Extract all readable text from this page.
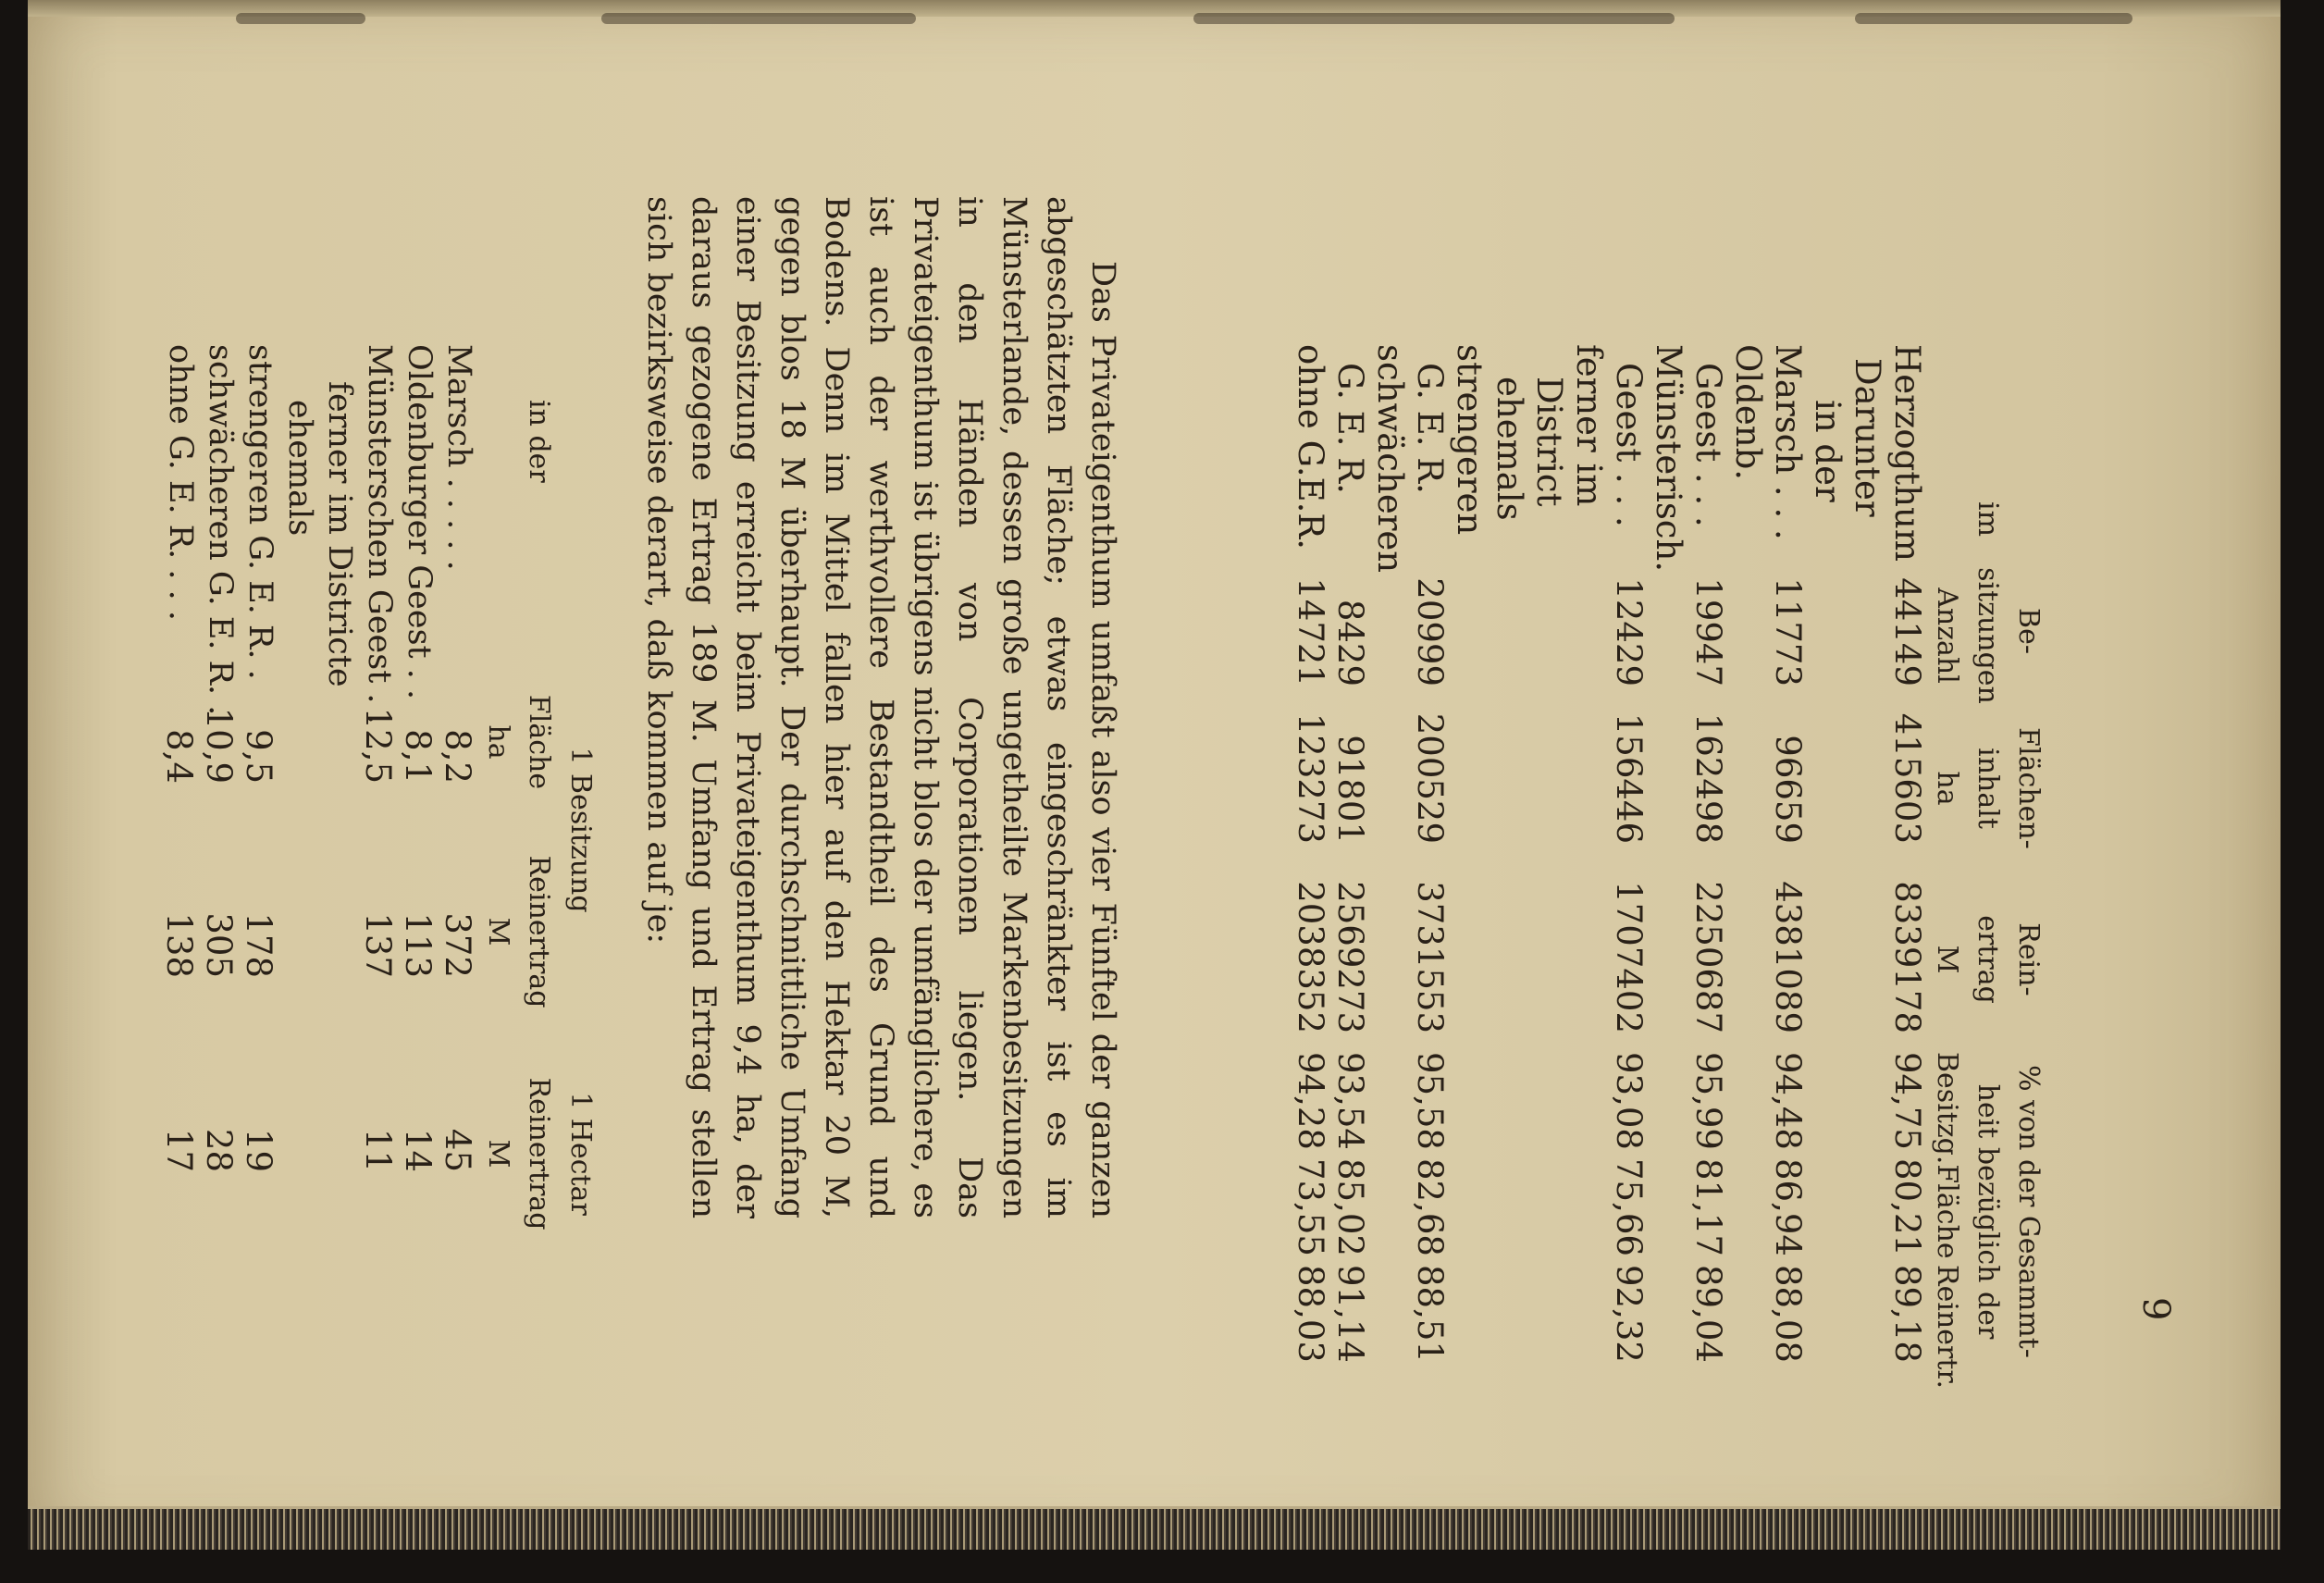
9
Be-
Flächen-
Rein-
% von der Gesammt-
im
sitzungen
inhalt
ertrag
heit bezüglich der
Anzahl
ha
M
Besitzg.
Fläche
Reinertr.
Herzogthum
44149
415603
8339178
94,75
80,21
89,18
Darunter
in der
Marsch . . .
11773
96659
4381089
94,48
86,94
88,08
Oldenb.
Geest . . .
19947
162498
2250687
95,99
81,17
89,04
Münsterisch.
Geest . . .
12429
156446
1707402
93,08
75,66
92,32
ferner im
District
ehemals
strengeren
G. E. R.
20999
200529
3731553
95,58
82,68
88,51
schwächeren
G. E. R.
8429
91801
2569273
93,54
85,02
91,14
ohne G.E.R.
14721
123273
2038352
94,28
73,55
88,03

Das Privateigenthum umfaßt also vier Fünftel der ganzen abgeschätzten Fläche; etwas eingeschränkter ist es im Münsterlande, dessen große ungetheilte Markenbesitzungen in den Händen von Corporationen liegen. Das Privateigenthum ist übrigens nicht blos der umfänglichere, es ist auch der werthvollere Bestandtheil des Grund und Bodens. Denn im Mittel fallen hier auf den Hektar 20 M, gegen blos 18 M überhaupt. Der durchschnittliche Umfang einer Besitzung erreicht beim Privateigenthum 9,4 ha, der daraus gezogene Ertrag 189 M. Umfang und Ertrag stellen sich bezirksweise derart, daß kommen auf je:

1 Besitzung
1 Hectar
in der
Fläche
Reinertrag
Reinertrag
ha
M
M
Marsch . . . . .
8,2
372
45
Oldenburger Geest . .
8,1
113
14
Münsterschen Geest . .
12,5
137
11
ferner im Districte
ehemals
strengeren G. E. R. .
9,5
178
19
schwächeren G. E. R. .
10,9
305
28
ohne G. E. R. . . .
8,4
138
17
